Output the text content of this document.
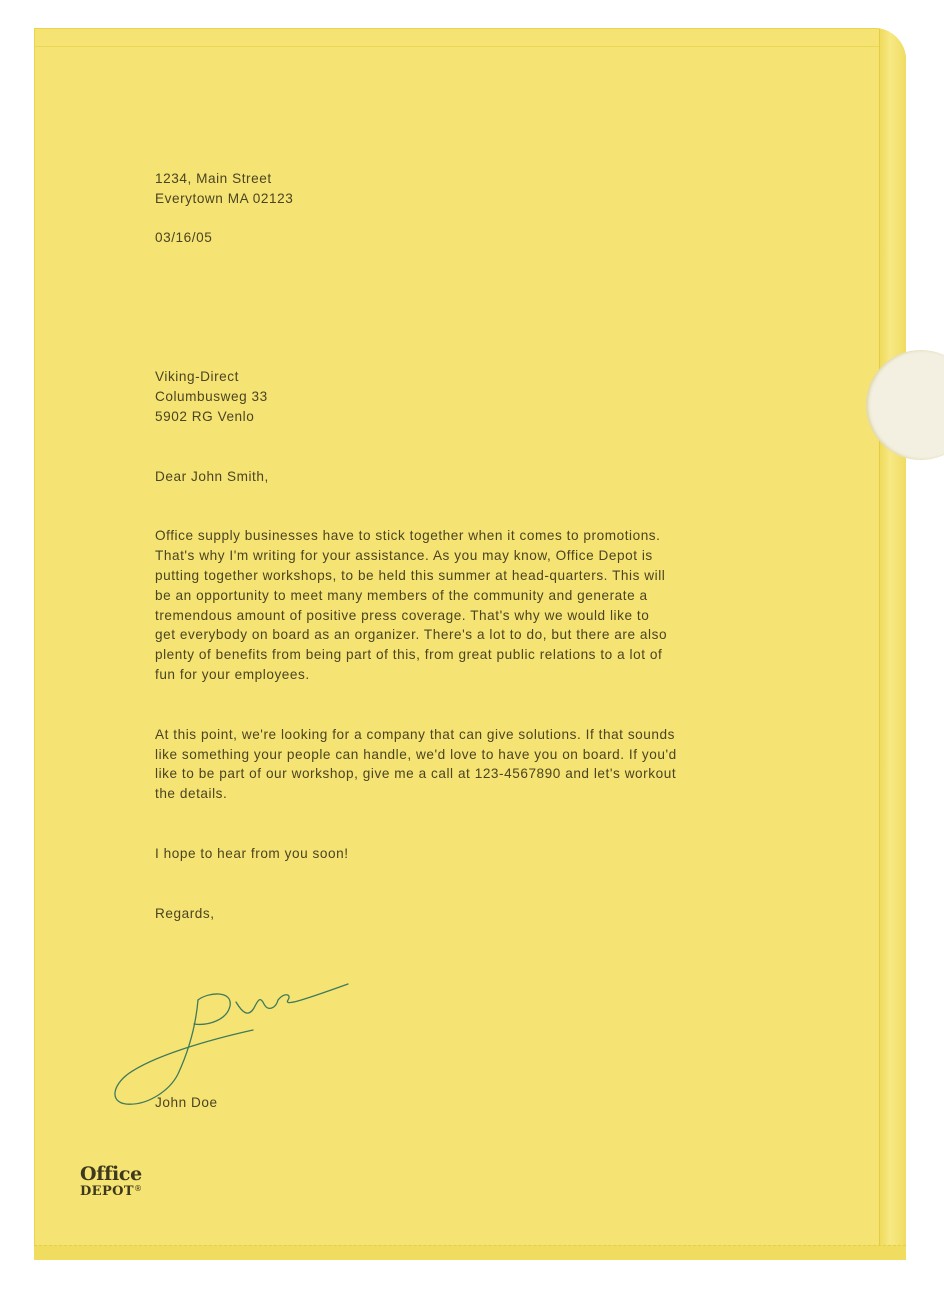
1234, Main Street
Everytown MA 02123
03/16/05
Viking-Direct
Columbusweg 33
5902 RG Venlo
Dear John Smith,
Office supply businesses have to stick together when it comes to promotions.
That's why I'm writing for your assistance. As you may know, Office Depot is
putting together workshops, to be held this summer at head-quarters. This will
be an opportunity to meet many members of the community and generate a
tremendous amount of positive press coverage. That's why we would like to
get everybody on board as an organizer. There's a lot to do, but there are also
plenty of benefits from being part of this, from great public relations to a lot of
fun for your employees.
At this point, we're looking for a company that can give solutions. If that sounds
like something your people can handle, we'd love to have you on board. If you'd
like to be part of our workshop, give me a call at 123-4567890 and let's workout
the details.
I hope to hear from you soon!
Regards,
John Doe
Office
DEPOT®
